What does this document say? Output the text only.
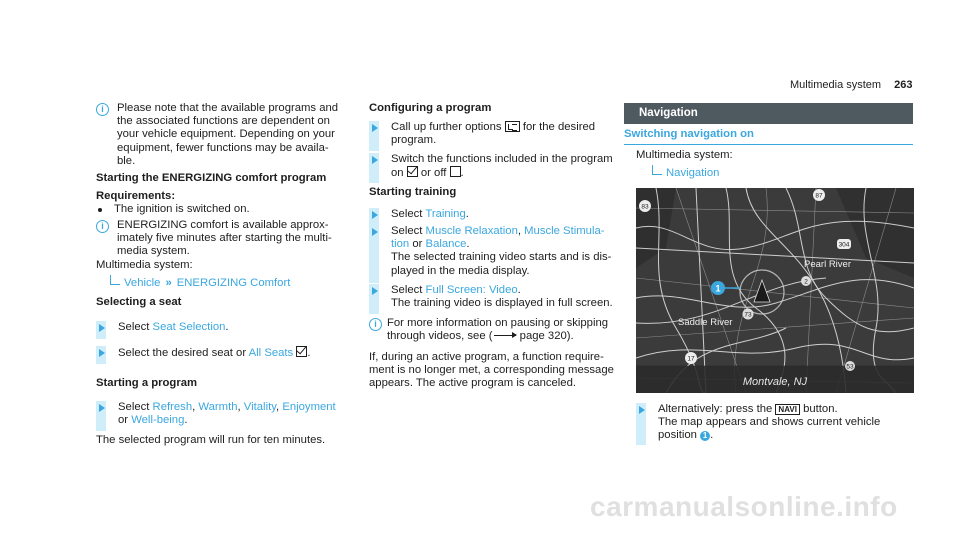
Multimedia system 263
i	Please note that the available programs and
the associated functions are dependent on
your vehicle equipment. Depending on your
equipment, fewer functions may be availa-
ble.
Starting the ENERGIZING comfort program
Requirements:
The ignition is switched on.
i	ENERGIZING comfort is available approx-
imately five minutes after starting the multi-
media system.
Multimedia system:
Vehicle » ENERGIZING Comfort
Selecting a seat
Select Seat Selection.
Select the desired seat or All Seats .
Starting a program
Select Refresh, Warmth, Vitality, Enjoyment
or Well-being.
The selected program will run for ten minutes.
Configuring a program
Call up further options for the desired
program.
Switch the functions included in the program
on or off .
Starting training
Select Training.
Select Muscle Relaxation, Muscle Stimula-
tion or Balance.
The selected training video starts and is dis-
played in the media display.
Select Full Screen: Video.
The training video is displayed in full screen.
i For more information on pausing or skipping
through videos, see ( page 320).
If, during an active program, a function require-
ment is no longer met, a corresponding message
appears. The active program is canceled.
Navigation
Switching navigation on
Multimedia system:
Navigation
1
Pearl River
Saddle River
87
83
304
2
73
17
53
Montvale, NJ
Alternatively: press the NAVI button.
The map appears and shows current vehicle
position 1 .
carmanualsonline.info
